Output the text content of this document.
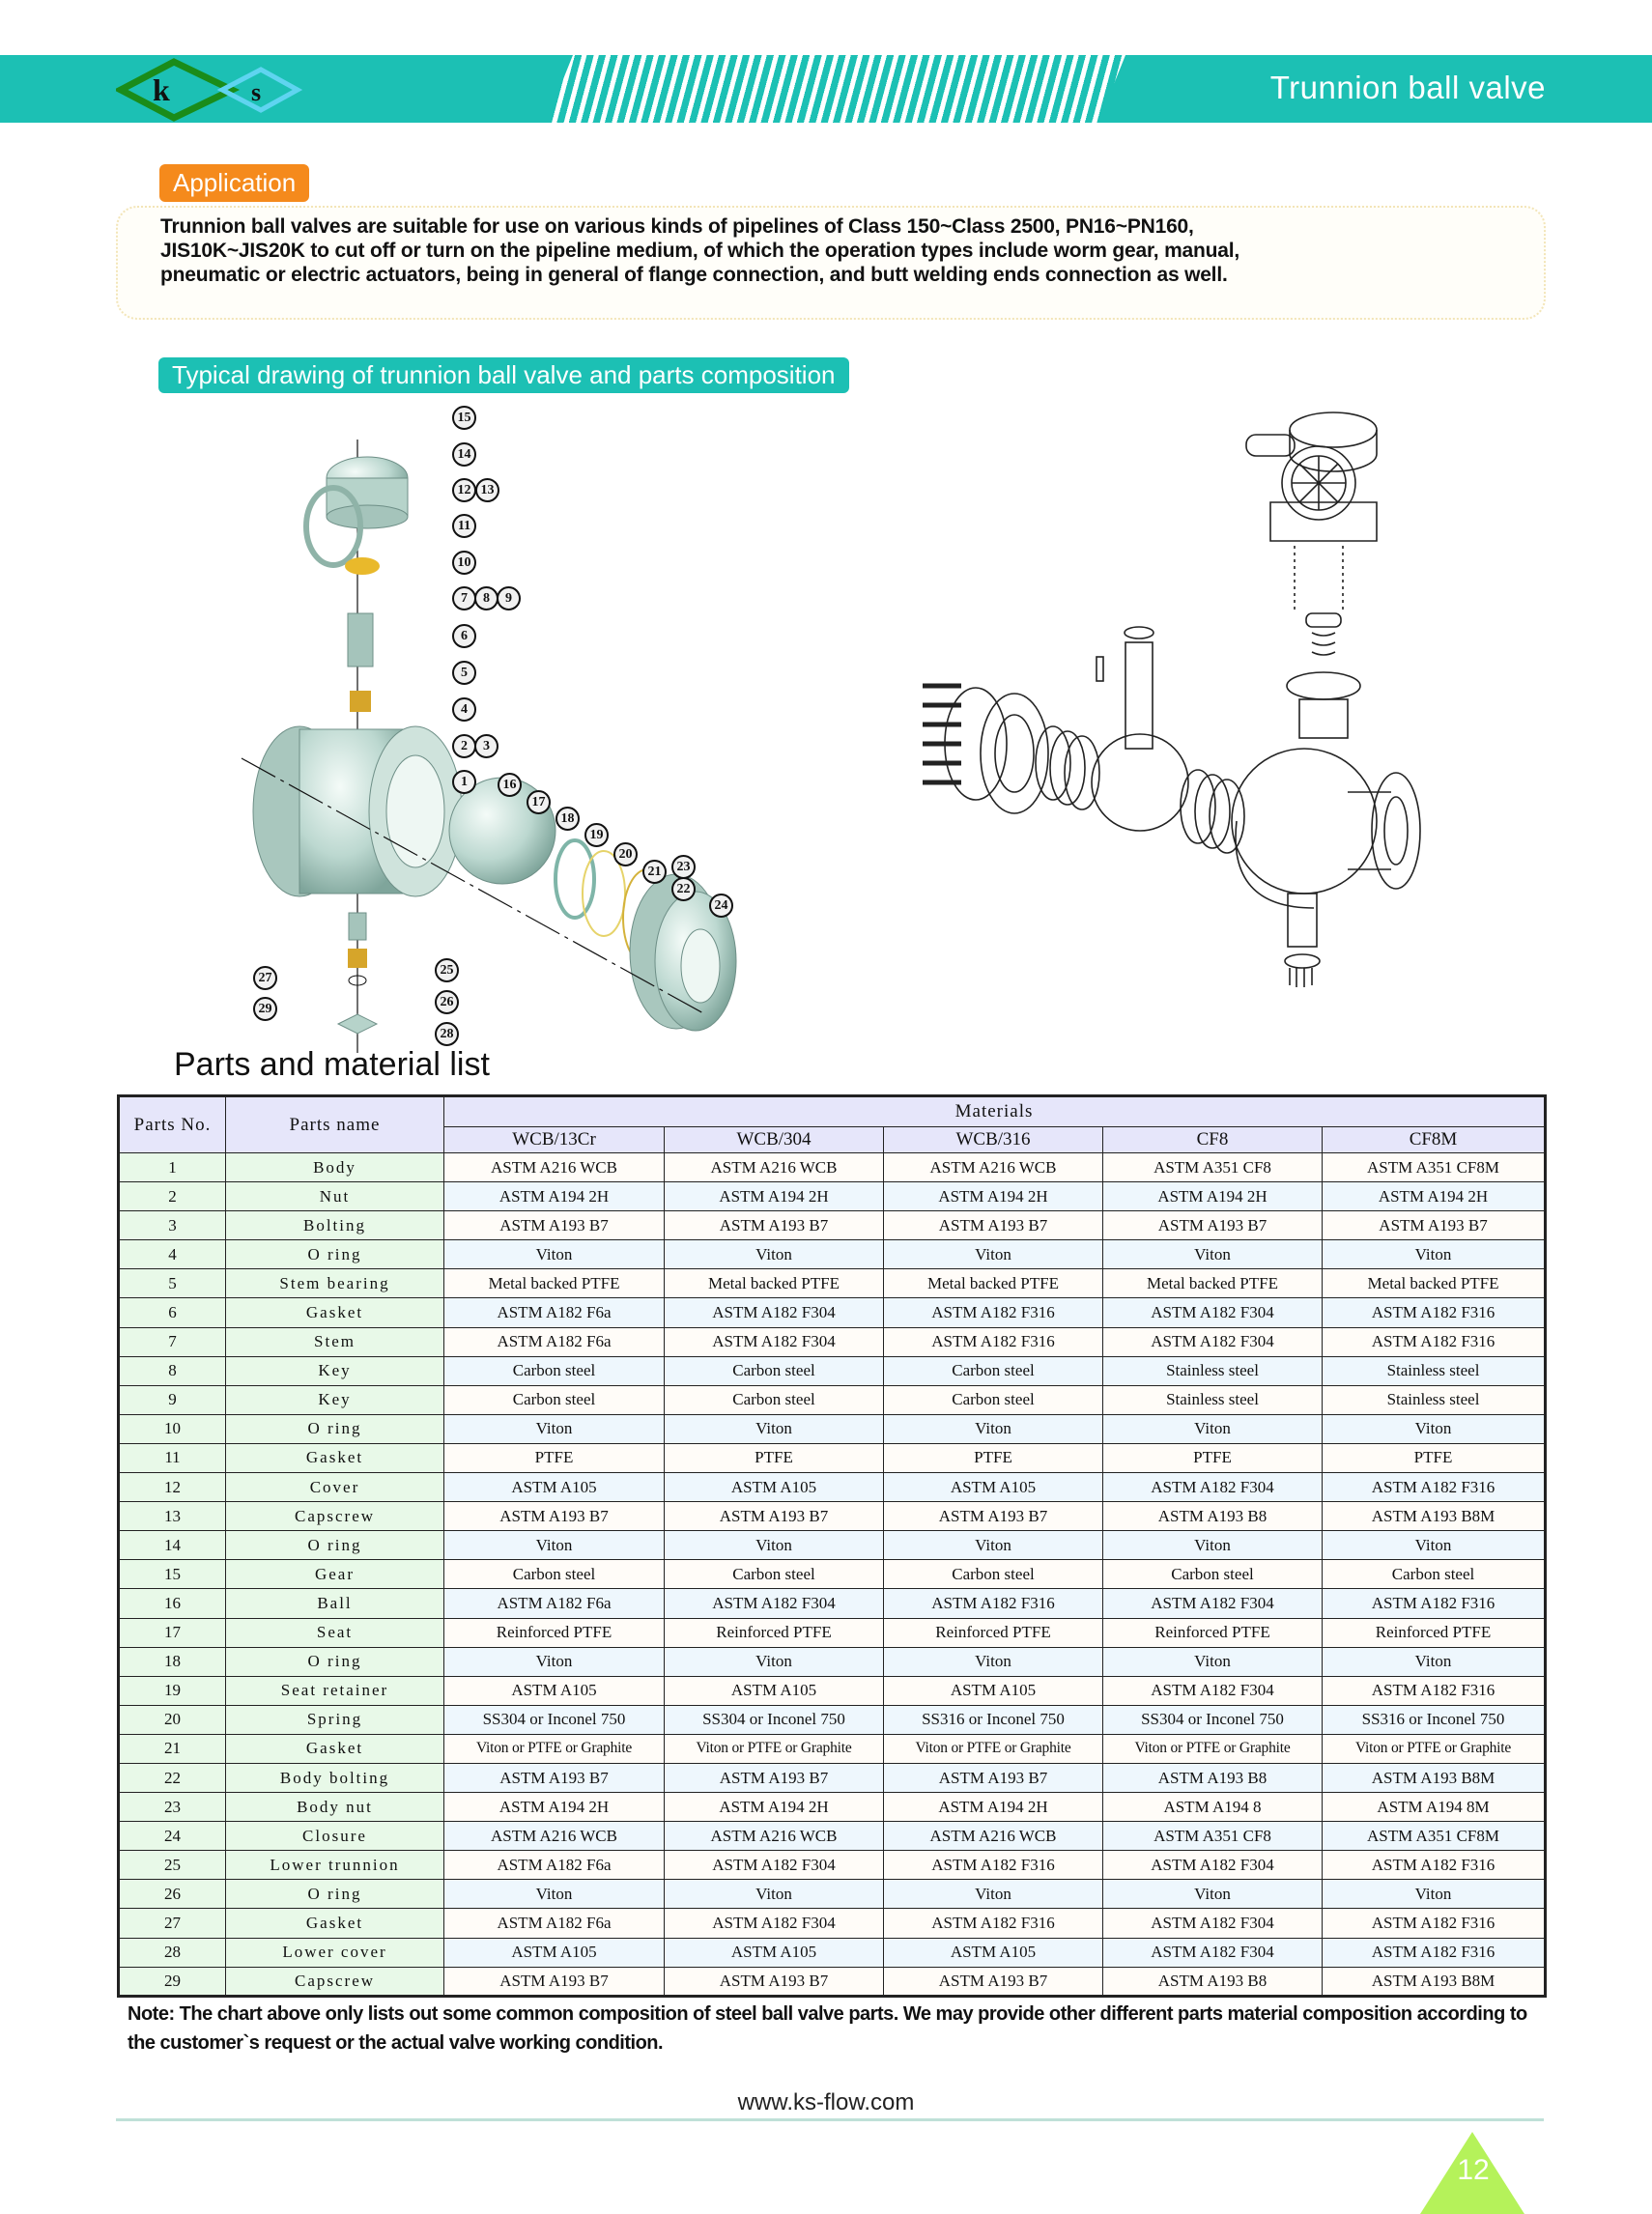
k	s	Trunnion ball valve
Application
Trunnion ball valves are suitable for use on various kinds of pipelines of Class 150~Class 2500, PN16~PN160, JIS10K~JIS20K to cut off or turn on the pipeline medium, of which the operation types include worm gear, manual, pneumatic or electric actuators, being in general of flange connection, and butt welding ends connection as well.
Typical drawing of trunnion ball valve and parts composition
15
14
12 13
11
10
7	8	9
6
5
4
2	3
1	16
17
18
19
20
21	23
22
24
25
27
26
29
28
Parts and material list
Parts No.	Parts name	Materials				
		WCB/13Cr	WCB/304	WCB/316	CF8	CF8M
1	Body	ASTM A216 WCB	ASTM A216 WCB	ASTM A216 WCB	ASTM A351 CF8	ASTM A351 CF8M
2	Nut	ASTM A194 2H	ASTM A194 2H	ASTM A194 2H	ASTM A194 2H	ASTM A194 2H
3	Bolting	ASTM A193 B7	ASTM A193 B7	ASTM A193 B7	ASTM A193 B7	ASTM A193 B7
4	O ring	Viton	Viton	Viton	Viton	Viton
5	Stem bearing	Metal backed PTFE	Metal backed PTFE	Metal backed PTFE	Metal backed PTFE	Metal backed PTFE
6	Gasket	ASTM A182 F6a	ASTM A182 F304	ASTM A182 F316	ASTM A182 F304	ASTM A182 F316
7	Stem	ASTM A182 F6a	ASTM A182 F304	ASTM A182 F316	ASTM A182 F304	ASTM A182 F316
8	Key	Carbon steel	Carbon steel	Carbon steel	Stainless steel	Stainless steel
9	Key	Carbon steel	Carbon steel	Carbon steel	Stainless steel	Stainless steel
10	O ring	Viton	Viton	Viton	Viton	Viton
11	Gasket	PTFE	PTFE	PTFE	PTFE	PTFE
12	Cover	ASTM A105	ASTM A105	ASTM A105	ASTM A182 F304	ASTM A182 F316
13	Capscrew	ASTM A193 B7	ASTM A193 B7	ASTM A193 B7	ASTM A193 B8	ASTM A193 B8M
14	O ring	Viton	Viton	Viton	Viton	Viton
15	Gear	Carbon steel	Carbon steel	Carbon steel	Carbon steel	Carbon steel
16	Ball	ASTM A182 F6a	ASTM A182 F304	ASTM A182 F316	ASTM A182 F304	ASTM A182 F316
17	Seat	Reinforced PTFE	Reinforced PTFE	Reinforced PTFE	Reinforced PTFE	Reinforced PTFE
18	O ring	Viton	Viton	Viton	Viton	Viton
19	Seat retainer	ASTM A105	ASTM A105	ASTM A105	ASTM A182 F304	ASTM A182 F316
20	Spring	SS304 or Inconel 750	SS304 or Inconel 750	SS316 or Inconel 750	SS304 or Inconel 750	SS316 or Inconel 750
21	Gasket	Viton or PTFE or Graphite	Viton or PTFE or Graphite	Viton or PTFE or Graphite	Viton or PTFE or Graphite	Viton or PTFE or Graphite
22	Body bolting	ASTM A193 B7	ASTM A193 B7	ASTM A193 B7	ASTM A193 B8	ASTM A193 B8M
23	Body nut	ASTM A194 2H	ASTM A194 2H	ASTM A194 2H	ASTM A194 8	ASTM A194 8M
24	Closure	ASTM A216 WCB	ASTM A216 WCB	ASTM A216 WCB	ASTM A351 CF8	ASTM A351 CF8M
25	Lower trunnion	ASTM A182 F6a	ASTM A182 F304	ASTM A182 F316	ASTM A182 F304	ASTM A182 F316
26	O ring	Viton	Viton	Viton	Viton	Viton
27	Gasket	ASTM A182 F6a	ASTM A182 F304	ASTM A182 F316	ASTM A182 F304	ASTM A182 F316
28	Lower cover	ASTM A105	ASTM A105	ASTM A105	ASTM A182 F304	ASTM A182 F316
29	Capscrew	ASTM A193 B7	ASTM A193 B7	ASTM A193 B7	ASTM A193 B8	ASTM A193 B8M
Note: The chart above only lists out some common composition of steel ball valve parts. We may provide other different parts material composition according to the customer`s request or the actual valve working condition.
www.ks-flow.com
12
